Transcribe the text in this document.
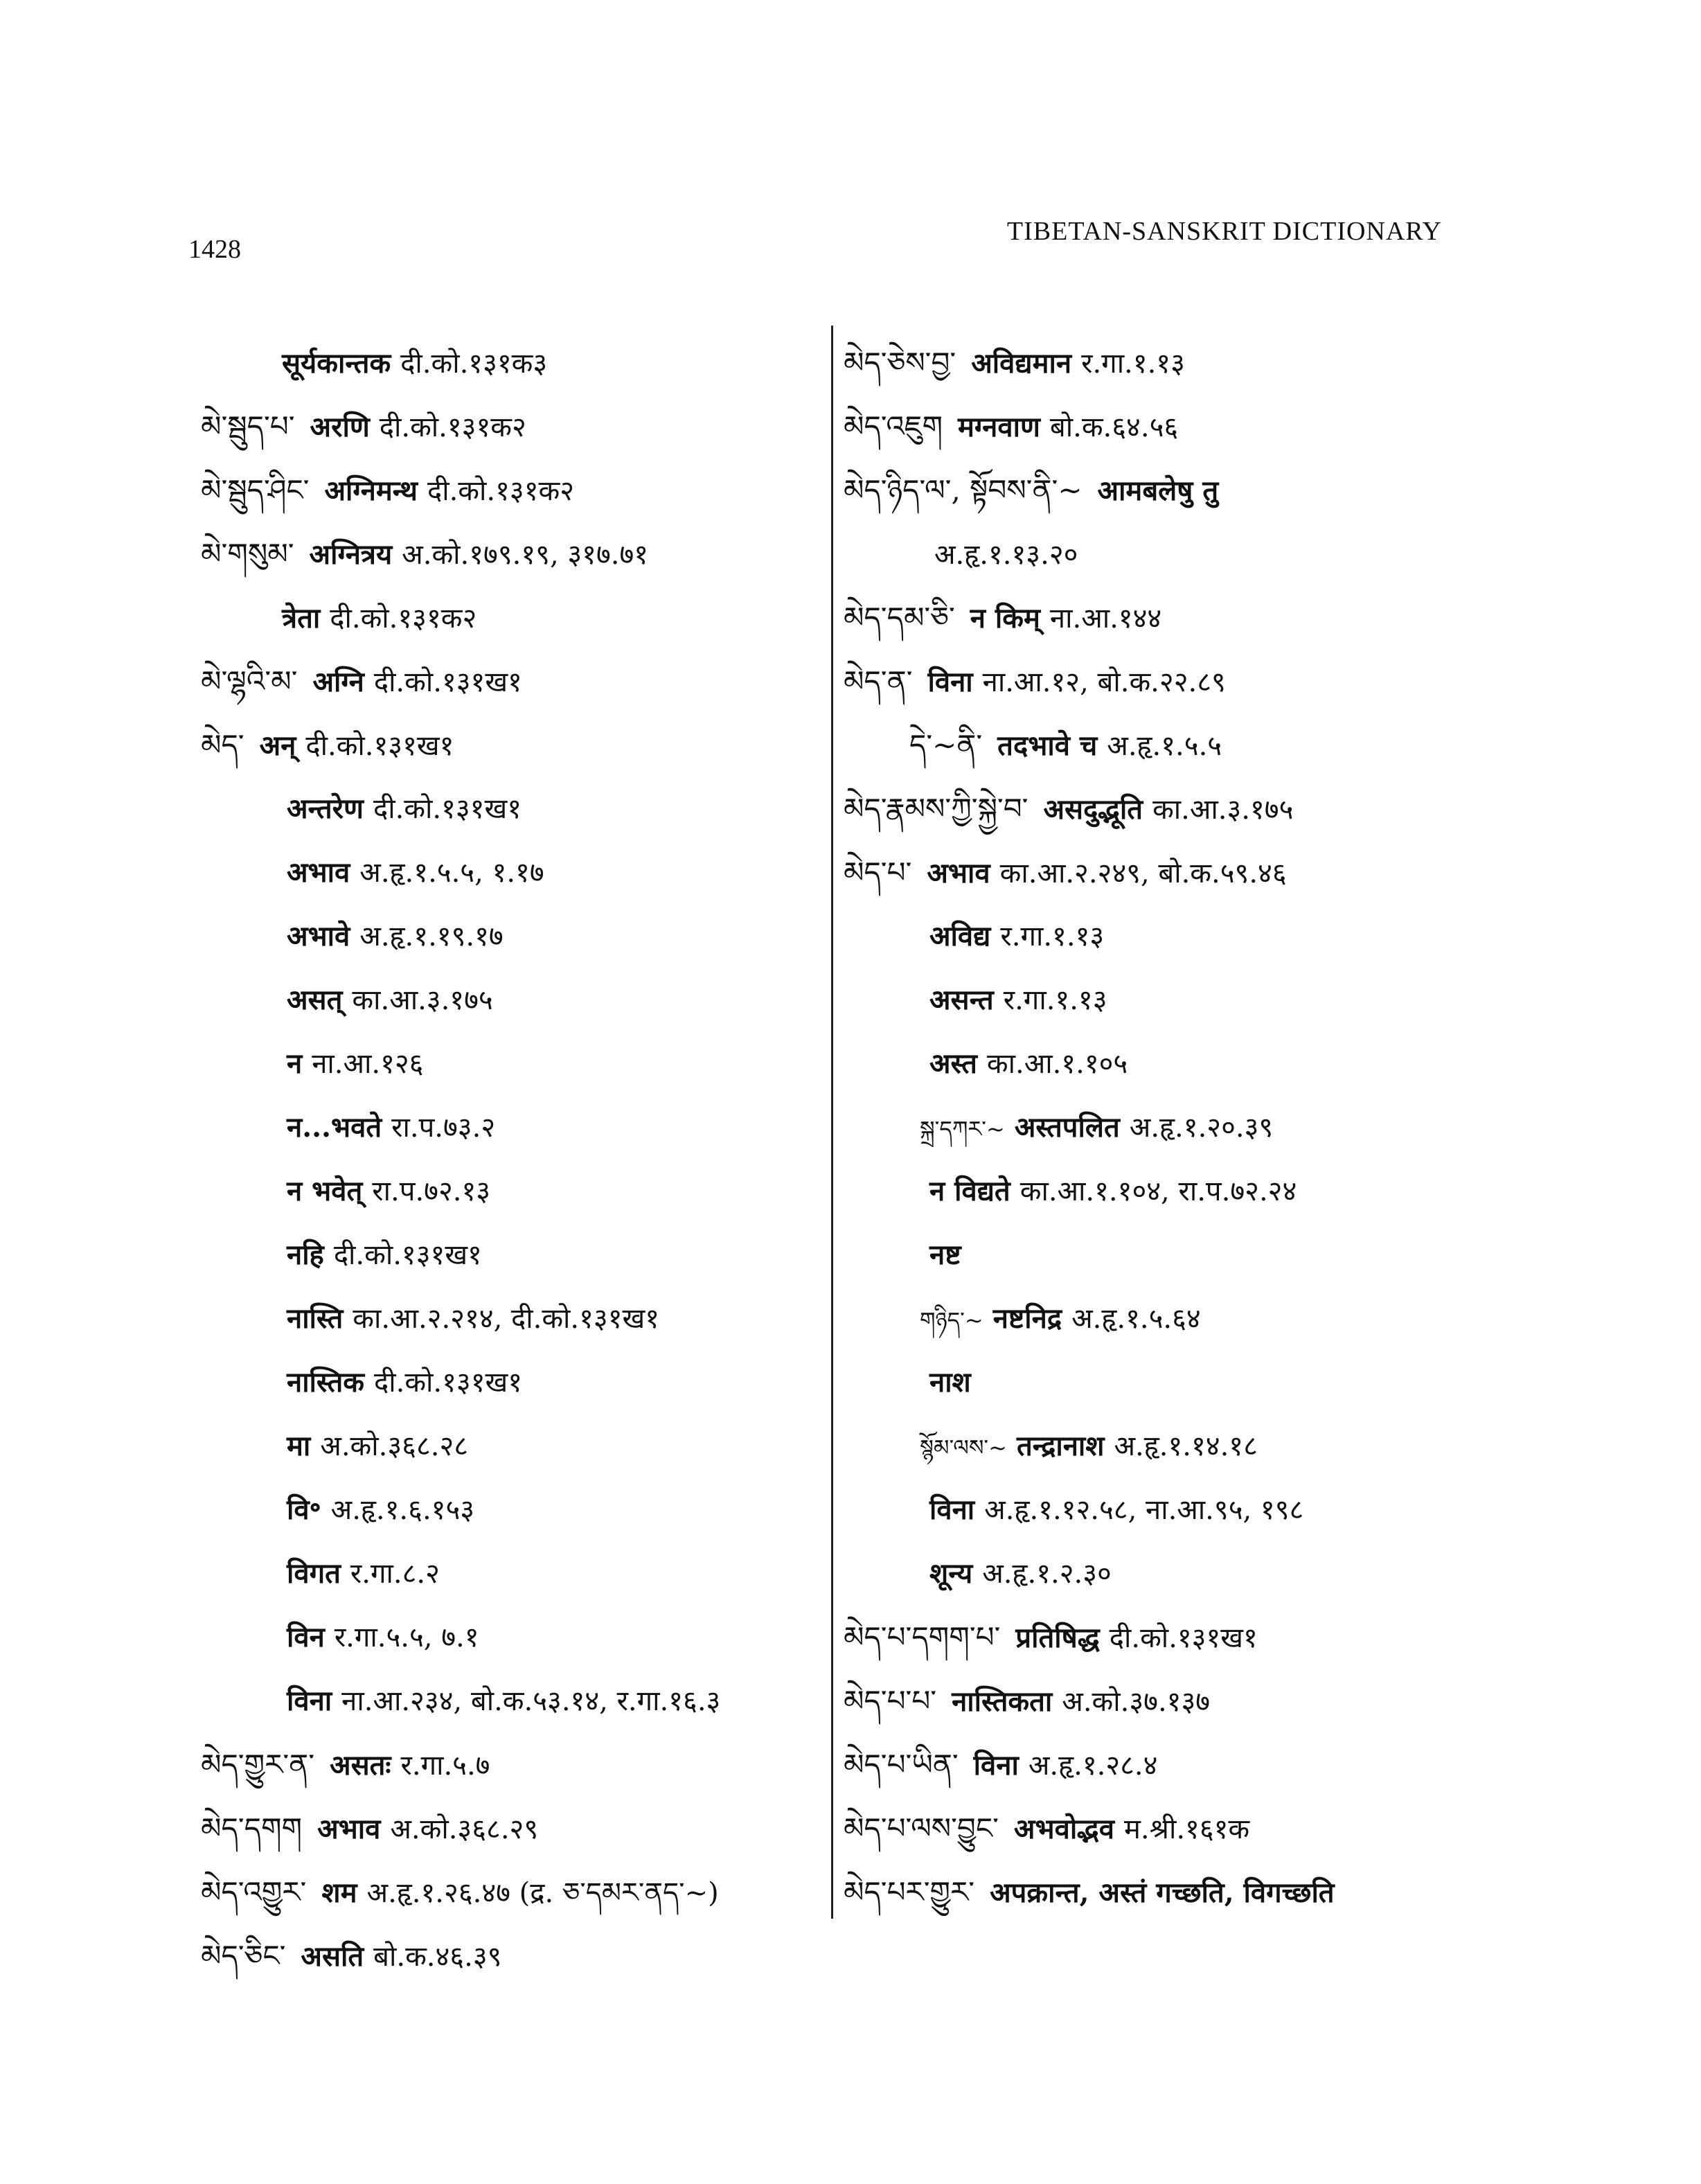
1428
TIBETAN-SANSKRIT DICTIONARY
सूर्यकान्तक दी.को.१३१क३
མེ་སྦུད་པ་ अरणि दी.को.१३१क२
མེ་སྦུད་ཤིང་ अग्निमन्थ दी.को.१३१क२
མེ་གསུམ་ अग्नित्रय अ.को.१७९.१९, ३१७.७१
त्रेता दी.को.१३१क२
མེ་ལྷའི་མ་ अग्नि दी.को.१३१ख१
མེད་ अन् दी.को.१३१ख१
अन्तरेण दी.को.१३१ख१
अभाव अ.हृ.१.५.५, १.१७
अभावे अ.हृ.१.१९.१७
असत् का.आ.३.१७५
न ना.आ.१२६
न...भवते रा.प.७३.२
न भवेत् रा.प.७२.१३
नहि दी.को.१३१ख१
नास्ति का.आ.२.२१४, दी.को.१३१ख१
नास्तिक दी.को.१३१ख१
मा अ.को.३६८.२८
वि॰ अ.हृ.१.६.१५३
विगत र.गा.८.२
विन र.गा.५.५, ७.१
विना ना.आ.२३४, बो.क.५३.१४, र.गा.१६.३
མེད་གྱུར་ན་ असतः र.गा.५.७
མེད་དགག अभाव अ.को.३६८.२९
མེད་འགྱུར་ शम अ.हृ.१.२६.४७ (द्र. ཅ་དམར་ནད་~)
མེད་ཅིང་ असति बो.क.४६.३९
མེད་ཅེས་བྱ་ अविद्यमान र.गा.१.१३
མེད་འཇུག मग्नवाण बो.क.६४.५६
མེད་ཉིད་ལ་, སྟོབས་ནི་~ आमबलेषु तु
अ.हृ.१.१३.२०
མེད་དམ་ཅི་ न किम् ना.आ.१४४
མེད་ན་ विना ना.आ.१२, बो.क.२२.८९
དེ་~ནི་ तदभावे च अ.हृ.१.५.५
མེད་རྣམས་ཀྱི་སྐྱེ་བ་ असदुद्भूति का.आ.३.१७५
མེད་པ་ अभाव का.आ.२.२४९, बो.क.५९.४६
अविद्य र.गा.१.१३
असन्त र.गा.१.१३
अस्त का.आ.१.१०५
སྐྲ་དཀར་~ अस्तपलित अ.हृ.१.२०.३९
न विद्यते का.आ.१.१०४, रा.प.७२.२४
नष्ट
གཉིད་~ नष्टनिद्र अ.हृ.१.५.६४
नाश
སྙོམ་ལས་~ तन्द्रानाश अ.हृ.१.१४.१८
विना अ.हृ.१.१२.५८, ना.आ.९५, १९८
शून्य अ.हृ.१.२.३०
མེད་པ་དགག་པ་ प्रतिषिद्ध दी.को.१३१ख१
མེད་པ་པ་ नास्तिकता अ.को.३७.१३७
མེད་པ་ཡིན་ विना अ.हृ.१.२८.४
མེད་པ་ལས་བྱུང་ अभवोद्भव म.श्री.१६१क
མེད་པར་གྱུར་ अपक्रान्त, अस्तं गच्छति, विगच्छति
